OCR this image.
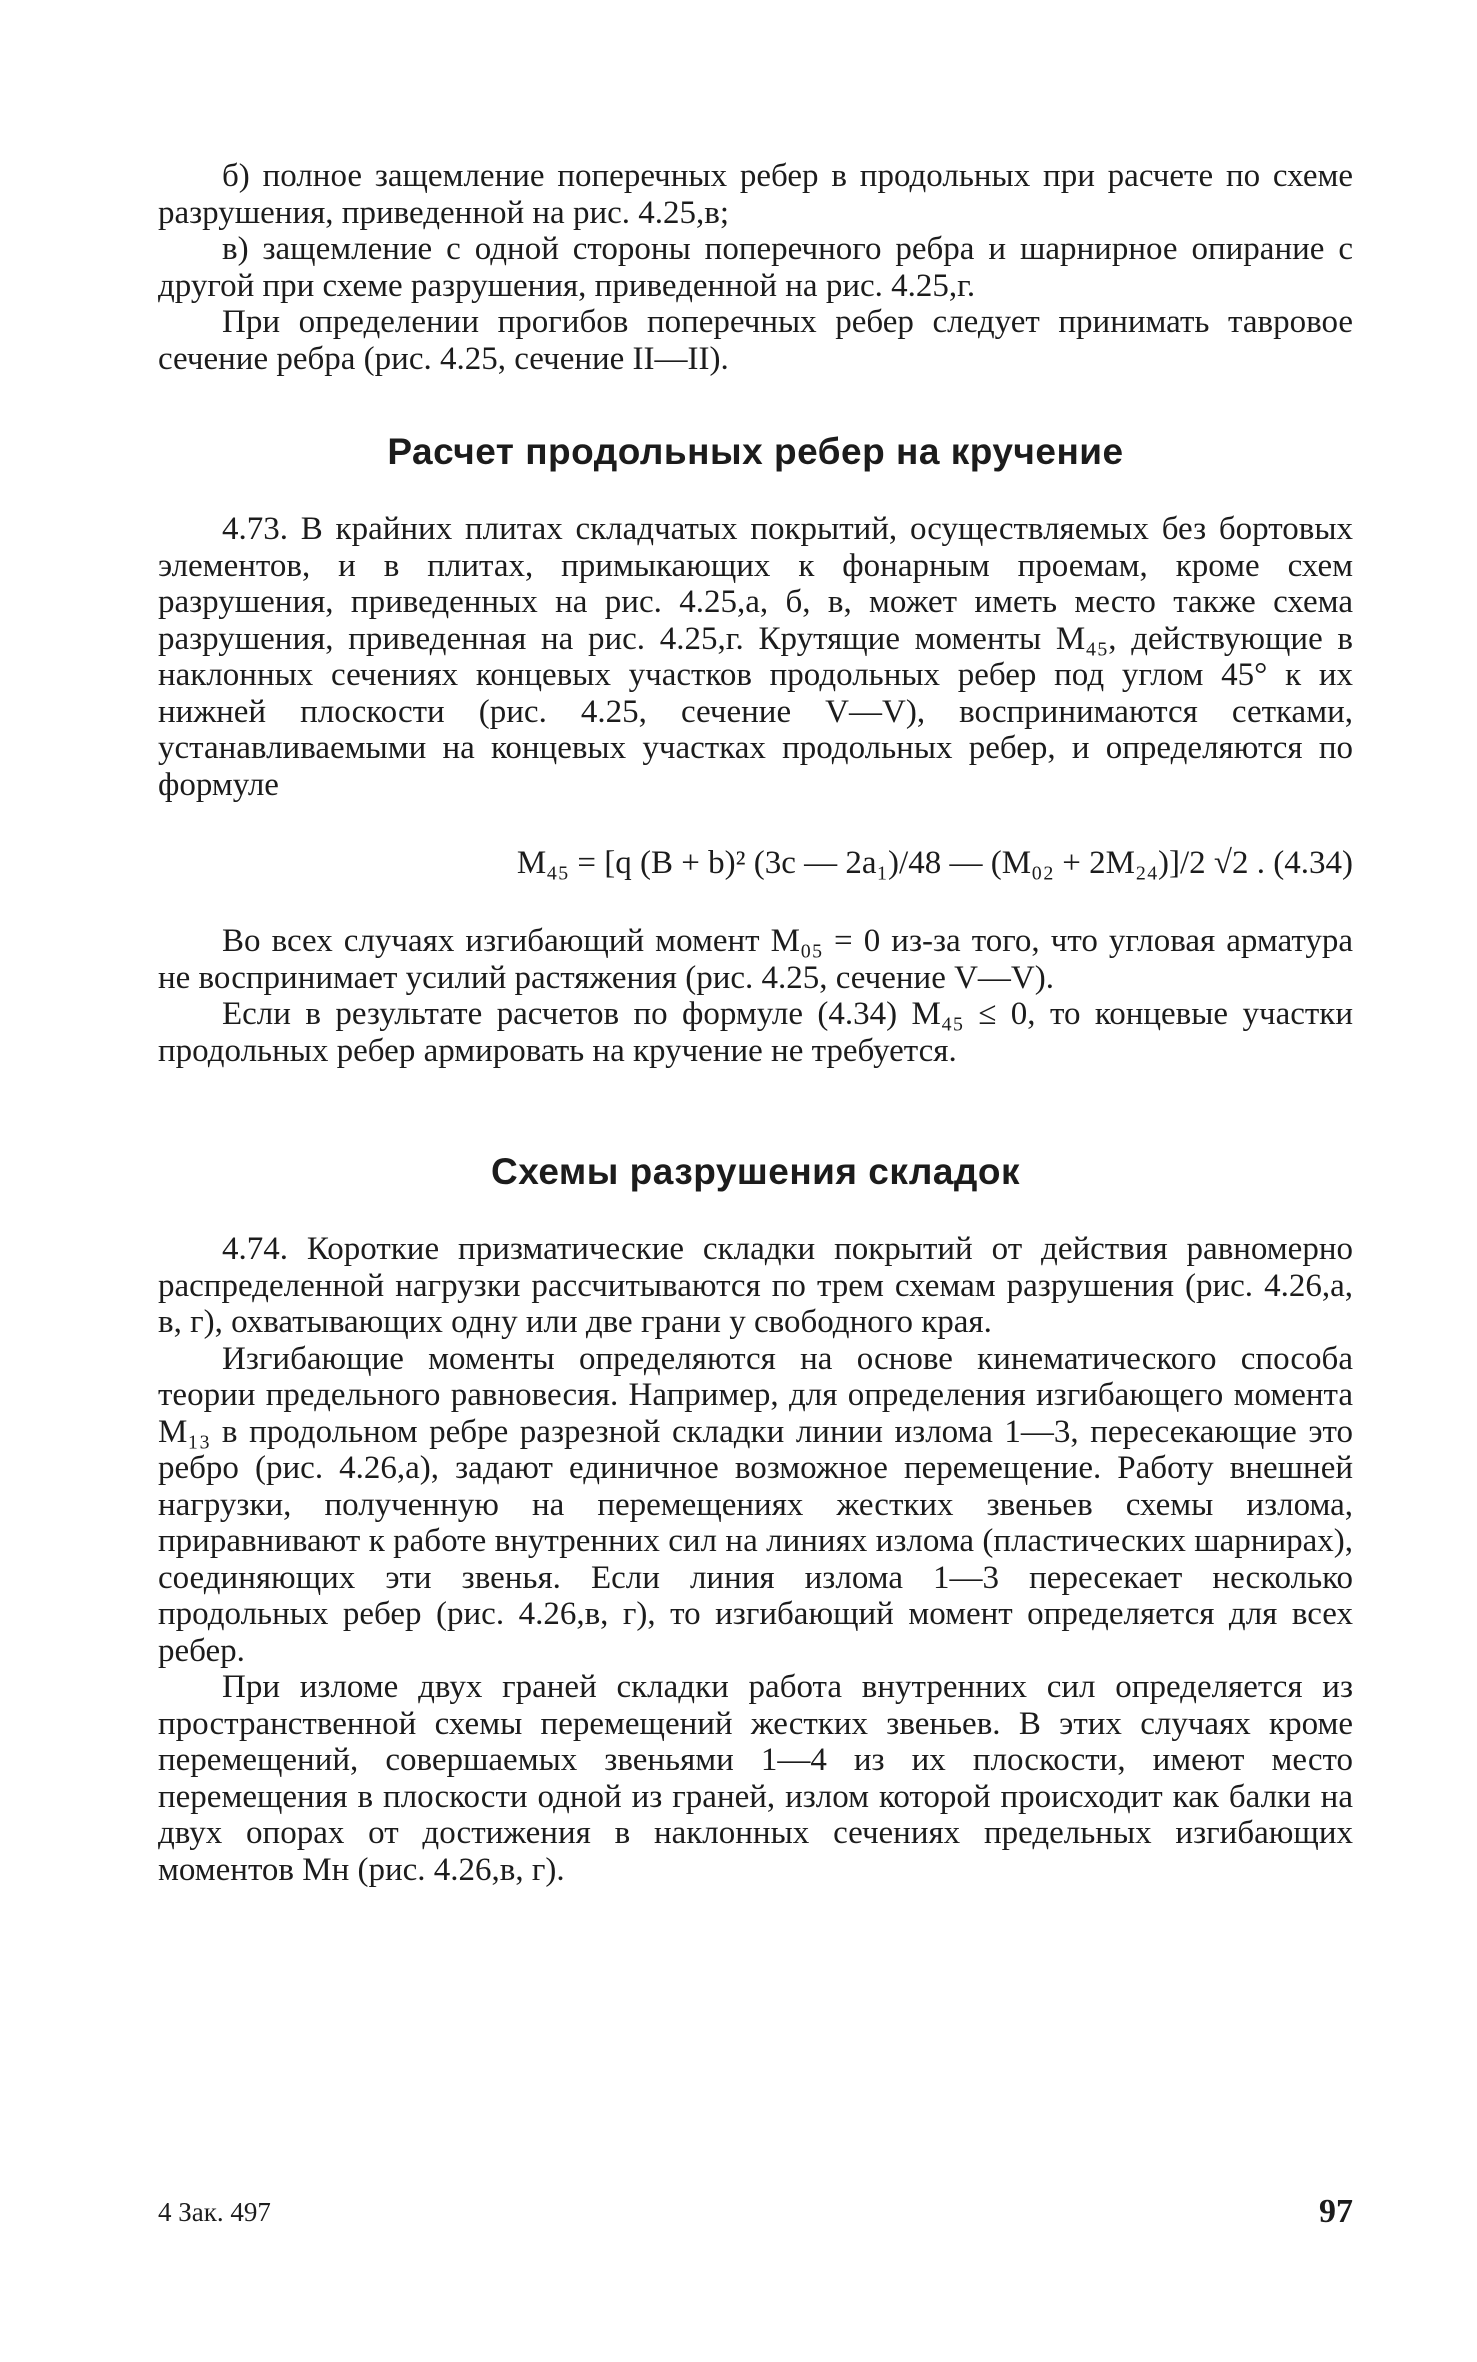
б) полное защемление поперечных ребер в продольных при расчете по схеме разрушения, приведенной на рис. 4.25,в;

в) защемление с одной стороны поперечного ребра и шарнирное опирание с другой при схеме разрушения, приведенной на рис. 4.25,г.

При определении прогибов поперечных ребер следует принимать тавровое сечение ребра (рис. 4.25, сечение II—II).

Расчет продольных ребер на кручение

4.73. В крайних плитах складчатых покрытий, осуществляемых без бортовых элементов, и в плитах, примыкающих к фонарным проемам, кроме схем разрушения, приведенных на рис. 4.25,а, б, в, может иметь место также схема разрушения, приведенная на рис. 4.25,г. Крутящие моменты M₄₅, действующие в наклонных сечениях концевых участков продольных ребер под углом 45° к их нижней плоскости (рис. 4.25, сечение V—V), воспринимаются сетками, устанавливаемыми на концевых участках продольных ребер, и определяются по формуле

M₄₅ = [q (B + b)² (3c — 2a₁)/48 — (M₀₂ + 2M₂₄)]/2 √2 . (4.34)

Во всех случаях изгибающий момент M₀₅ = 0 из-за того, что угловая арматура не воспринимает усилий растяжения (рис. 4.25, сечение V—V).

Если в результате расчетов по формуле (4.34) M₄₅ ≤ 0, то концевые участки продольных ребер армировать на кручение не требуется.

Схемы разрушения складок

4.74. Короткие призматические складки покрытий от действия равномерно распределенной нагрузки рассчитываются по трем схемам разрушения (рис. 4.26,а, в, г), охватывающих одну или две грани у свободного края.

Изгибающие моменты определяются на основе кинематического способа теории предельного равновесия. Например, для определения изгибающего момента M₁₃ в продольном ребре разрезной складки линии излома 1—3, пересекающие это ребро (рис. 4.26,а), задают единичное возможное перемещение. Работу внешней нагрузки, полученную на перемещениях жестких звеньев схемы излома, приравнивают к работе внутренних сил на линиях излома (пластических шарнирах), соединяющих эти звенья. Если линия излома 1—3 пересекает несколько продольных ребер (рис. 4.26,в, г), то изгибающий момент определяется для всех ребер.

При изломе двух граней складки работа внутренних сил определяется из пространственной схемы перемещений жестких звеньев. В этих случаях кроме перемещений, совершаемых звеньями 1—4 из их плоскости, имеют место перемещения в плоскости одной из граней, излом которой происходит как балки на двух опорах от достижения в наклонных сечениях предельных изгибающих моментов Mн (рис. 4.26,в, г).

4 Зак. 497	97
